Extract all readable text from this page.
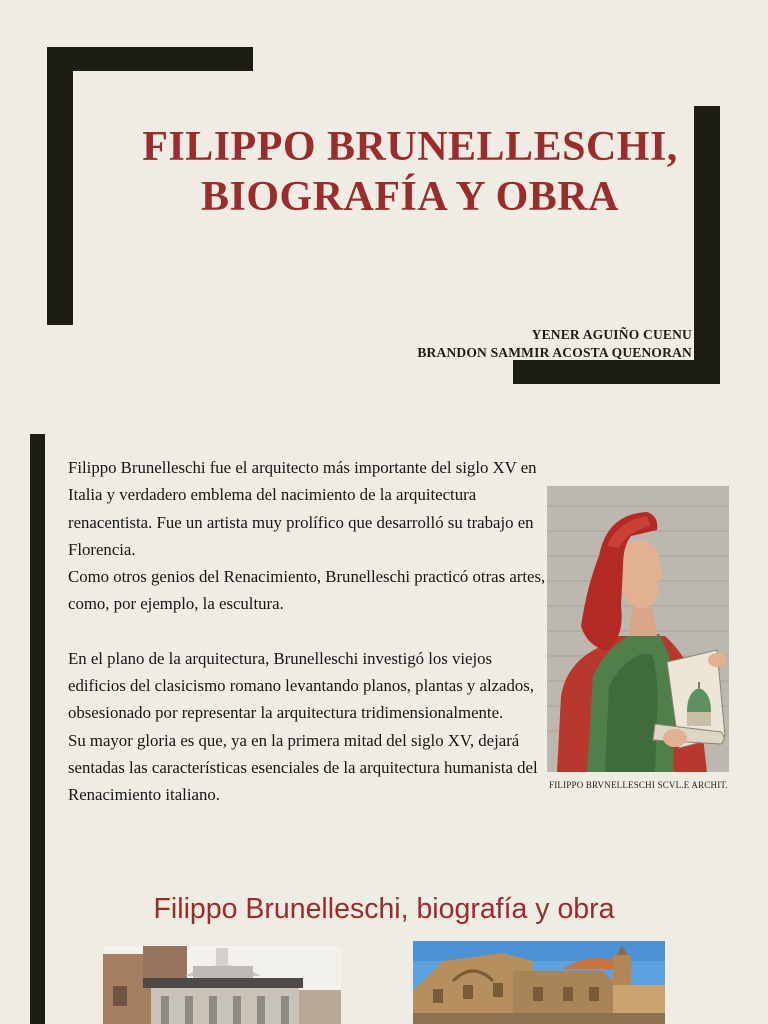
FILIPPO BRUNELLESCHI,
BIOGRAFÍA Y OBRA
YENER AGUIÑO CUENU
BRANDON SAMMIR ACOSTA QUENORAN

Filippo Brunelleschi fue el arquitecto más importante del siglo XV en Italia y verdadero emblema del nacimiento de la arquitectura renacentista. Fue un artista muy prolífico que desarrolló su trabajo en Florencia.

Como otros genios del Renacimiento, Brunelleschi practicó otras artes, como, por ejemplo, la escultura.

En el plano de la arquitectura, Brunelleschi investigó los viejos edificios del clasicismo romano levantando planos, plantas y alzados, obsesionado por representar la arquitectura tridimensionalmente.

Su mayor gloria es que, ya en la primera mitad del siglo XV, dejará sentadas las características esenciales de la arquitectura humanista del Renacimiento italiano.

FILIPPO BRVNELLESCHI SCVL.E ARCHIT.
Filippo Brunelleschi, biografía y obra
